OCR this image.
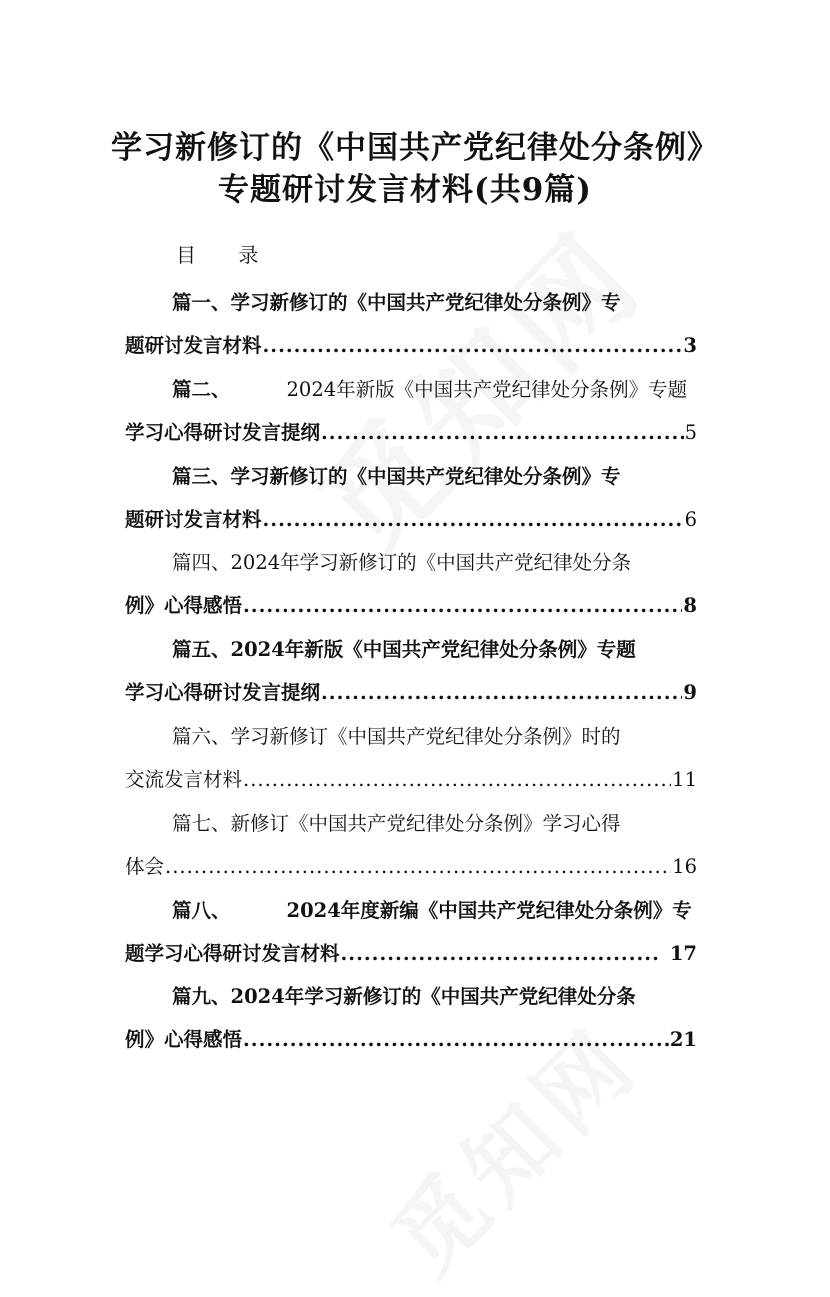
学习新修订的《中国共产党纪律处分条例》
专题研讨发言材料(共9篇)
目 录
篇一、学习新修订的《中国共产党纪律处分条例》专
题研讨发言材料 .....	3
篇二、	2024年新版《中国共产党纪律处分条例》专题
学习心得研讨发言提纲 .....	5
篇三、学习新修订的《中国共产党纪律处分条例》专
题研讨发言材料 .....	6
篇四、2024年学习新修订的《中国共产党纪律处分条
例》心得感悟 .....	8
篇五、2024年新版《中国共产党纪律处分条例》专题
学习心得研讨发言提纲 .....	9
篇六、学习新修订《中国共产党纪律处分条例》时的
交流发言材料 .....	11
篇七、新修订《中国共产党纪律处分条例》学习心得
体会 .....	16
篇八、	2024年度新编《中国共产党纪律处分条例》专
题学习心得研讨发言材料 .....	17
篇九、2024年学习新修订的《中国共产党纪律处分条
例》心得感悟 .....	21
